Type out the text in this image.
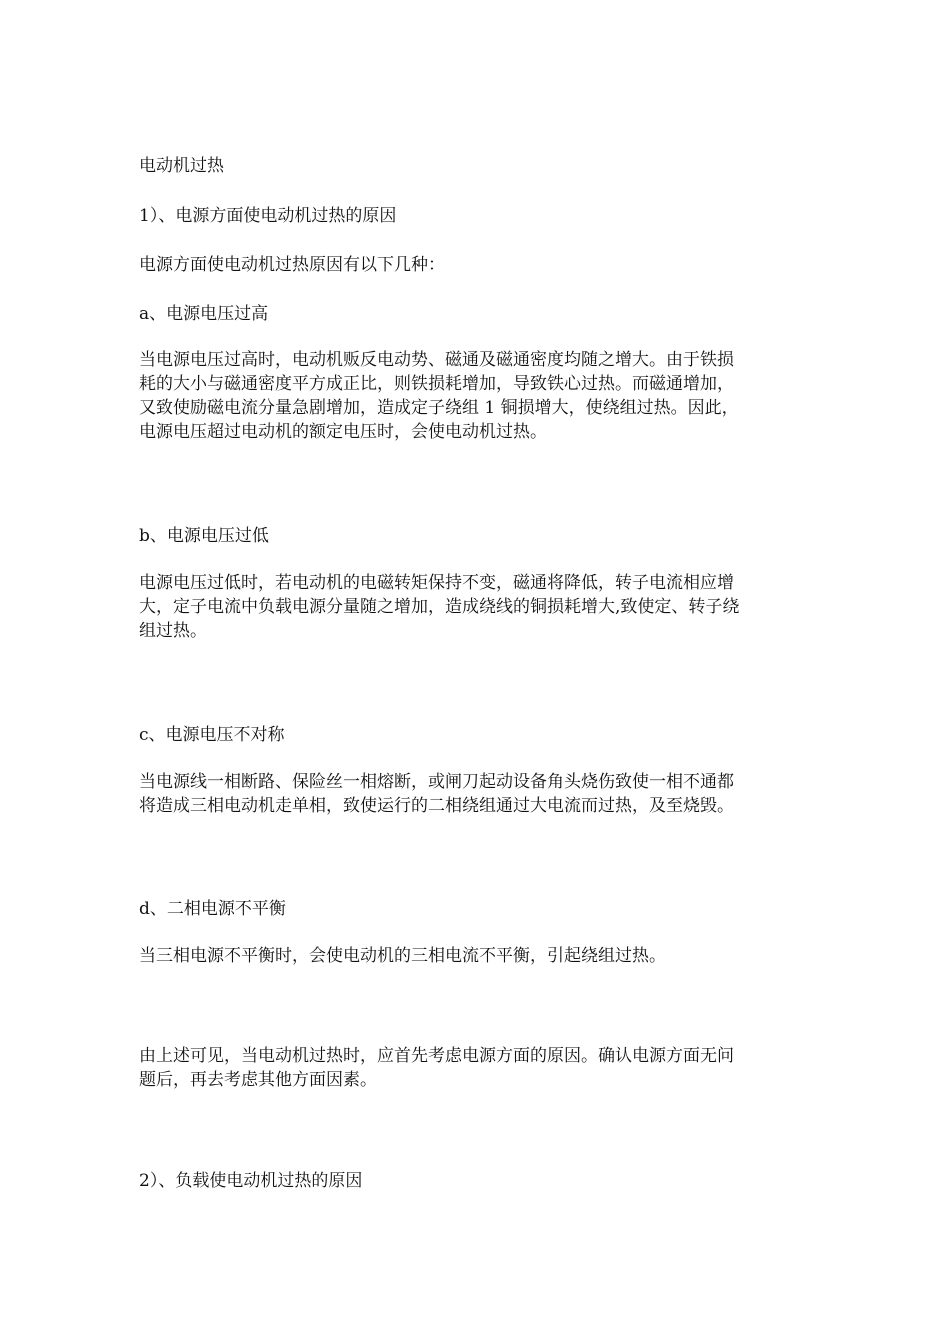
电动机过热

1）、电源方面使电动机过热的原因

电源方面使电动机过热原因有以下几种：

a、电源电压过高

当电源电压过高时，电动机贩反电动势、磁通及磁通密度均随之增大。由于铁损
耗的大小与磁通密度平方成正比，则铁损耗增加，导致铁心过热。而磁通增加，
又致使励磁电流分量急剧增加，造成定子绕组 1 铜损增大，使绕组过热。因此，
电源电压超过电动机的额定电压时，会使电动机过热。

b、电源电压过低

电源电压过低时，若电动机的电磁转矩保持不变，磁通将降低，转子电流相应增
大，定子电流中负载电源分量随之增加，造成绕线的铜损耗增大,致使定、转子绕
组过热。

c、电源电压不对称

当电源线一相断路、保险丝一相熔断，或闸刀起动设备角头烧伤致使一相不通都
将造成三相电动机走单相，致使运行的二相绕组通过大电流而过热，及至烧毁。

d、二相电源不平衡

当三相电源不平衡时，会使电动机的三相电流不平衡，引起绕组过热。
由上述可见，当电动机过热时，应首先考虑电源方面的原因。确认电源方面无问
题后，再去考虑其他方面因素。

2）、负载使电动机过热的原因
